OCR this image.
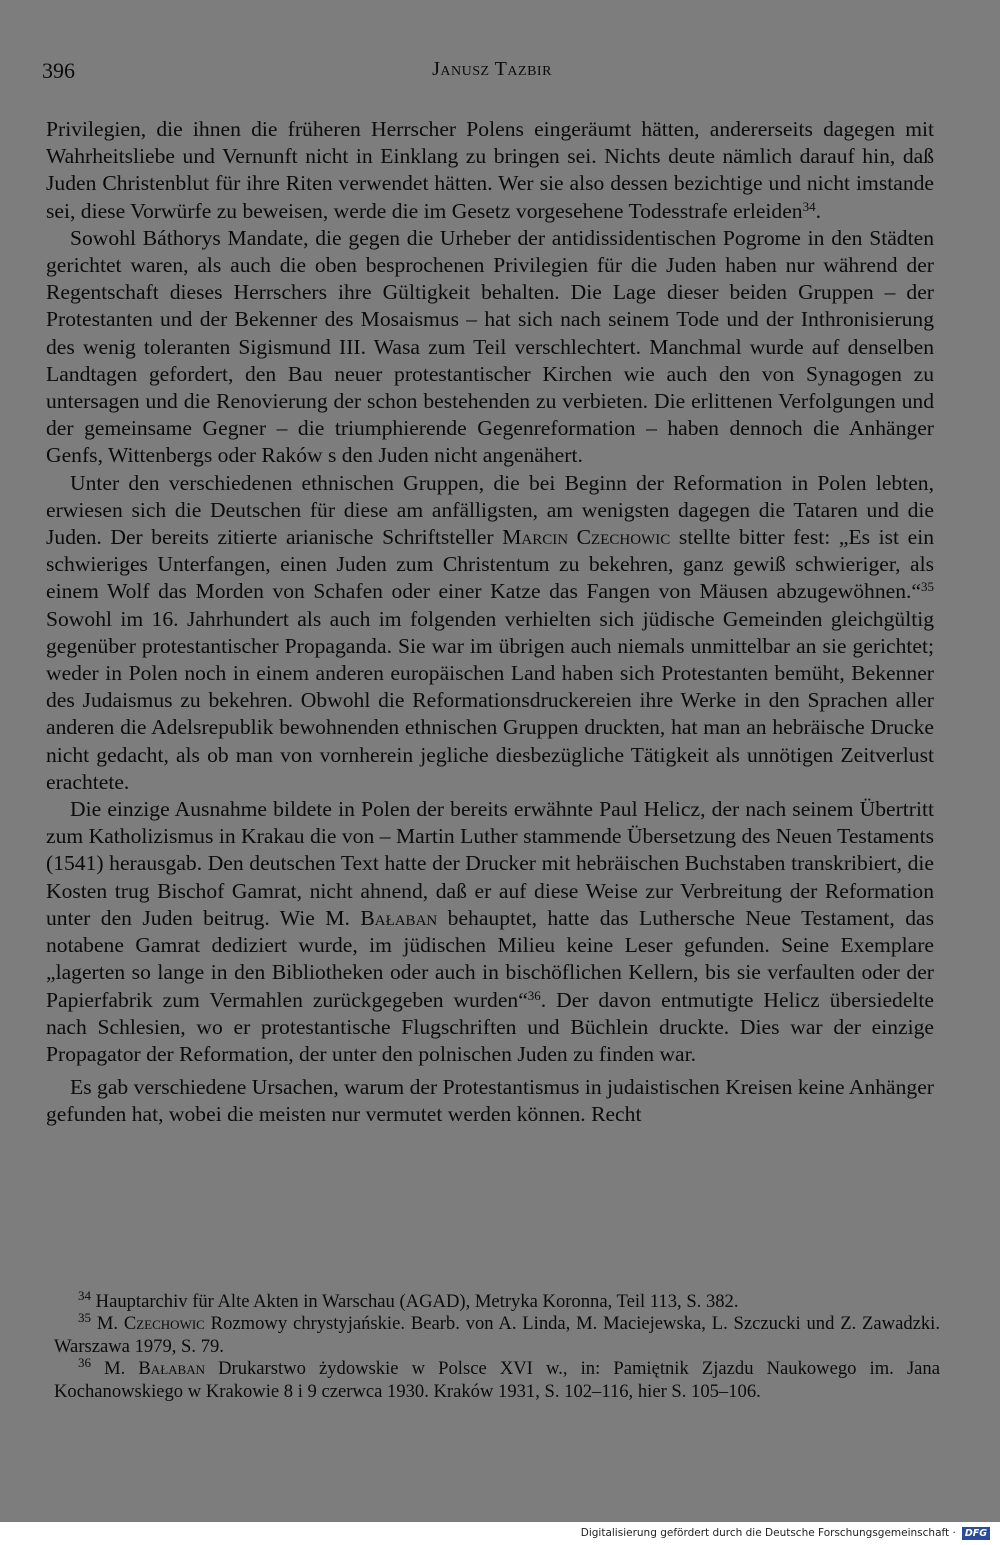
396	Janusz Tazbir

Privilegien, die ihnen die früheren Herrscher Polens eingeräumt hätten, andererseits dagegen mit Wahrheitsliebe und Vernunft nicht in Einklang zu bringen sei. Nichts deute nämlich darauf hin, daß Juden Christenblut für ihre Riten verwendet hätten. Wer sie also dessen bezichtige und nicht imstande sei, diese Vorwürfe zu beweisen, werde die im Gesetz vorgesehene Todesstrafe erleiden$^{34}$.

Sowohl Báthorys Mandate, die gegen die Urheber der antidissidentischen Pogrome in den Städten gerichtet waren, als auch die oben besprochenen Privilegien für die Juden haben nur während der Regentschaft dieses Herrschers ihre Gültigkeit behalten. Die Lage dieser beiden Gruppen – der Protestanten und der Bekenner des Mosaismus – hat sich nach seinem Tode und der Inthronisierung des wenig toleranten Sigismund III. Wasa zum Teil verschlechtert. Manchmal wurde auf denselben Landtagen gefordert, den Bau neuer protestantischer Kirchen wie auch den von Synagogen zu untersagen und die Renovierung der schon bestehenden zu verbieten. Die erlittenen Verfolgungen und der gemeinsame Gegner – die triumphierende Gegenreformation – haben dennoch die Anhänger Genfs, Wittenbergs oder Raków s den Juden nicht angenähert.

Unter den verschiedenen ethnischen Gruppen, die bei Beginn der Reformation in Polen lebten, erwiesen sich die Deutschen für diese am anfälligsten, am wenigsten dagegen die Tataren und die Juden. Der bereits zitierte arianische Schriftsteller Marcin Czechowic stellte bitter fest: „Es ist ein schwieriges Unterfangen, einen Juden zum Christentum zu bekehren, ganz gewiß schwieriger, als einem Wolf das Morden von Schafen oder einer Katze das Fangen von Mäusen abzugewöhnen.“$^{35}$ Sowohl im 16. Jahrhundert als auch im folgenden verhielten sich jüdische Gemeinden gleichgültig gegenüber protestantischer Propaganda. Sie war im übrigen auch niemals unmittelbar an sie gerichtet; weder in Polen noch in einem anderen europäischen Land haben sich Protestanten bemüht, Bekenner des Judaismus zu bekehren. Obwohl die Reformationsdruckereien ihre Werke in den Sprachen aller anderen die Adelsrepublik bewohnenden ethnischen Gruppen druckten, hat man an hebräische Drucke nicht gedacht, als ob man von vornherein jegliche diesbezügliche Tätigkeit als unnötigen Zeitverlust erachtete.

Die einzige Ausnahme bildete in Polen der bereits erwähnte Paul Helicz, der nach seinem Übertritt zum Katholizismus in Krakau die von – Martin Luther stammende Übersetzung des Neuen Testaments (1541) herausgab. Den deutschen Text hatte der Drucker mit hebräischen Buchstaben transkribiert, die Kosten trug Bischof Gamrat, nicht ahnend, daß er auf diese Weise zur Verbreitung der Reformation unter den Juden beitrug. Wie M. Bałaban behauptet, hatte das Luthersche Neue Testament, das notabene Gamrat dediziert wurde, im jüdischen Milieu keine Leser gefunden. Seine Exemplare „lagerten so lange in den Bibliotheken oder auch in bischöflichen Kellern, bis sie verfaulten oder der Papierfabrik zum Vermahlen zurückgegeben wurden“$^{36}$. Der davon entmutigte Helicz übersiedelte nach Schlesien, wo er protestantische Flugschriften und Büchlein druckte. Dies war der einzige Propagator der Reformation, der unter den polnischen Juden zu finden war.

Es gab verschiedene Ursachen, warum der Protestantismus in judaistischen Kreisen keine Anhänger gefunden hat, wobei die meisten nur vermutet werden können. Recht

$^{34}$ Hauptarchiv für Alte Akten in Warschau (AGAD), Metryka Koronna, Teil 113, S. 382.

$^{35}$ M. Czechowic Rozmowy chrystyjańskie. Bearb. von A. Linda, M. Maciejewska, L. Szczucki und Z. Zawadzki. Warszawa 1979, S. 79.

$^{36}$ M. Bałaban Drukarstwo żydowskie w Polsce XVI w., in: Pamiętnik Zjazdu Naukowego im. Jana Kochanowskiego w Krakowie 8 i 9 czerwca 1930. Kraków 1931, S. 102–116, hier S. 105–106.

Digitalisierung gefördert durch die Deutsche Forschungsgemeinschaft · DFG
